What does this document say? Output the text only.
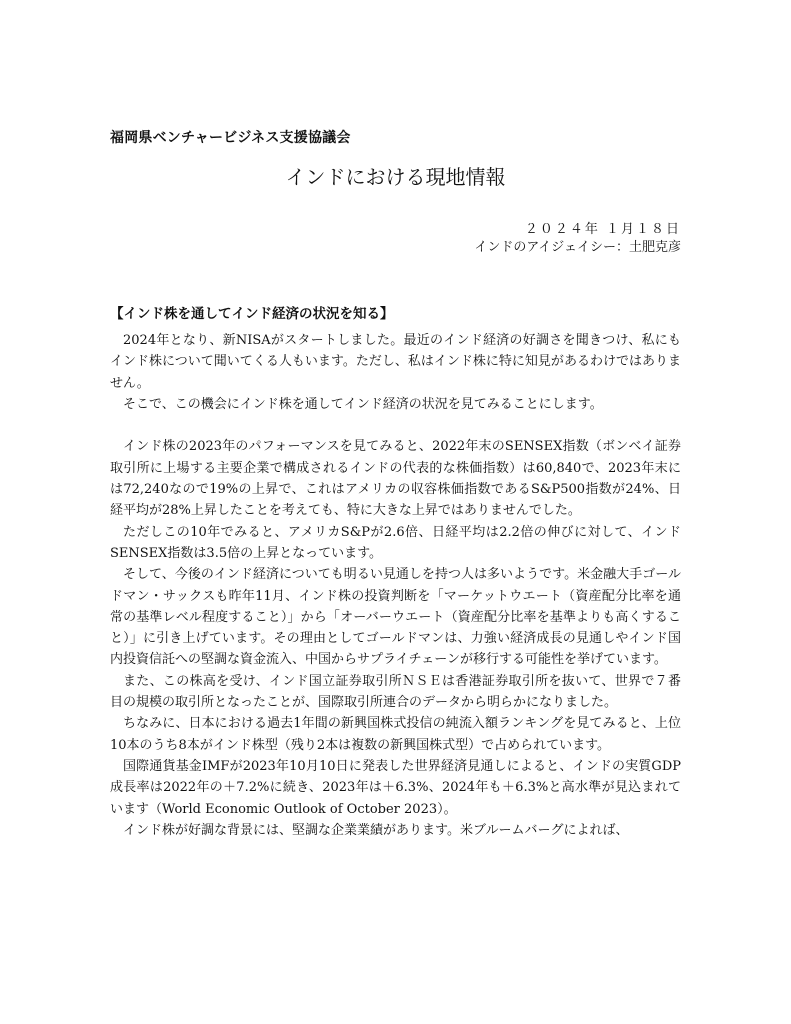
福岡県ベンチャービジネス支援協議会
インドにおける現地情報
２０２４年 １月１８日
インドのアイジェイシー：土肥克彦
【インド株を通してインド経済の状況を知る】

2024年となり、新NISAがスタートしました。最近のインド経済の好調さを聞きつけ、私にもインド株について聞いてくる人もいます。ただし、私はインド株に特に知見があるわけではありません。

そこで、この機会にインド株を通してインド経済の状況を見てみることにします。

インド株の2023年のパフォーマンスを見てみると、2022年末のSENSEX指数（ボンベイ証券取引所に上場する主要企業で構成されるインドの代表的な株価指数）は60,840で、2023年末には72,240なので19%の上昇で、これはアメリカの収容株価指数であるS&P500指数が24%、日経平均が28%上昇したことを考えても、特に大きな上昇ではありませんでした。

ただしこの10年でみると、アメリカS&Pが2.6倍、日経平均は2.2倍の伸びに対して、インドSENSEX指数は3.5倍の上昇となっています。

そして、今後のインド経済についても明るい見通しを持つ人は多いようです。米金融大手ゴールドマン・サックスも昨年11月、インド株の投資判断を「マーケットウエート（資産配分比率を通常の基準レベル程度すること）」から「オーバーウエート（資産配分比率を基準よりも高くすること）」に引き上げています。その理由としてゴールドマンは、力強い経済成長の見通しやインド国内投資信託への堅調な資金流入、中国からサプライチェーンが移行する可能性を挙げています。

また、この株高を受け、インド国立証券取引所ＮＳＥは香港証券取引所を抜いて、世界で７番目の規模の取引所となったことが、国際取引所連合のデータから明らかになりました。

ちなみに、日本における過去1年間の新興国株式投信の純流入額ランキングを見てみると、上位10本のうち8本がインド株型（残り2本は複数の新興国株式型）で占められています。

国際通貨基金IMFが2023年10月10日に発表した世界経済見通しによると、インドの実質GDP成長率は2022年の＋7.2%に続き、2023年は＋6.3%、2024年も＋6.3%と高水準が見込まれています（World Economic Outlook of October 2023）。

インド株が好調な背景には、堅調な企業業績があります。米ブルームバーグによれば、
